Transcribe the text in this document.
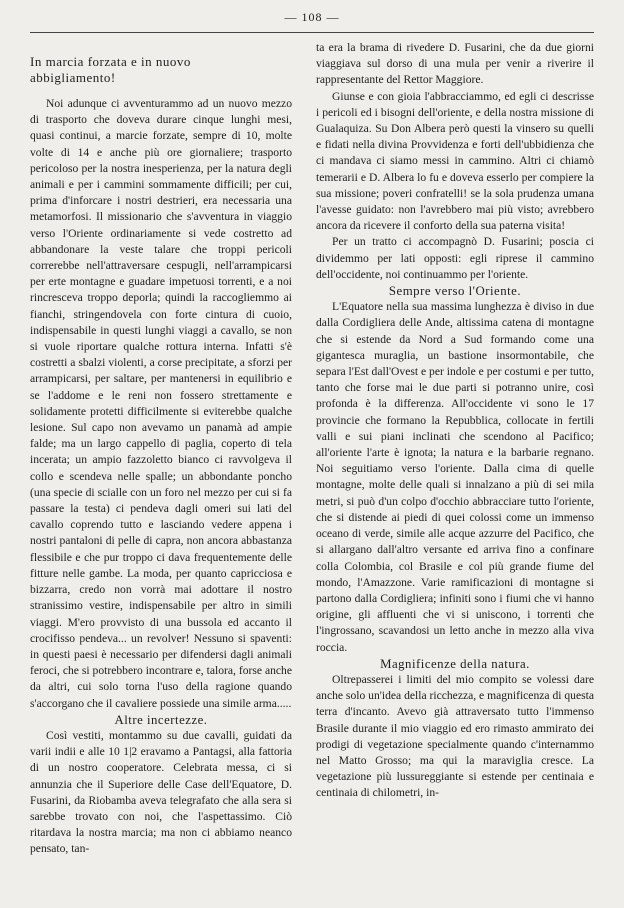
— 108 —
In marcia forzata e in nuovo abbigliamento!

Noi adunque ci avventurammo ad un nuovo mezzo di trasporto che doveva durare cinque lunghi mesi, quasi continui, a marcie forzate, sempre di 10, molte volte di 14 e anche più ore giornaliere; trasporto pericoloso per la nostra inesperienza, per la natura degli animali e per i cammini sommamente difficili; per cui, prima d'inforcare i nostri destrieri, era necessaria una metamorfosi. Il missionario che s'avventura in viaggio verso l'Oriente ordinariamente si vede costretto ad abbandonare la veste talare che troppi pericoli correrebbe nell'attraversare cespugli, nell'arrampicarsi per erte montagne e guadare impetuosi torrenti, e a noi rincresceva troppo deporla; quindi la raccogliemmo ai fianchi, stringendovela con forte cintura di cuoio, indispensabile in questi lunghi viaggi a cavallo, se non si vuole riportare qualche rottura interna. Infatti s'è costretti a sbalzi violenti, a corse precipitate, a sforzi per arrampicarsi, per saltare, per mantenersi in equilibrio e se l'addome e le reni non fossero strettamente e solidamente protetti difficilmente si eviterebbe qualche lesione. Sul capo non avevamo un panamà ad ampie falde; ma un largo cappello di paglia, coperto di tela incerata; un ampio fazzoletto bianco ci ravvolgeva il collo e scendeva nelle spalle; un abbondante poncho (una specie di scialle con un foro nel mezzo per cui si fa passare la testa) ci pendeva dagli omeri sui lati del cavallo coprendo tutto e lasciando vedere appena i nostri pantaloni di pelle di capra, non ancora abbastanza flessibile e che pur troppo ci dava frequentemente delle fitture nelle gambe. La moda, per quanto capricciosa e bizzarra, credo non vorrà mai adottare il nostro stranissimo vestire, indispensabile per altro in simili viaggi. M'ero provvisto di una bussola ed accanto il crocifisso pendeva... un revolver! Nessuno si spaventi: in questi paesi è necessario per difendersi dagli animali feroci, che si potrebbero incontrare e, talora, forse anche da altri, cui solo torna l'uso della ragione quando s'accorgano che il cavaliere possiede una simile arma.....

Altre incertezze.

Così vestiti, montammo su due cavalli, guidati da varii indii e alle 10 1|2 eravamo a Pantagsi, alla fattoria di un nostro cooperatore. Celebrata messa, ci si annunzia che il Superiore delle Case dell'Equatore, D. Fusarini, da Riobamba aveva telegrafato che alla sera si sarebbe trovato con noi, che l'aspettassimo. Ciò ritardava la nostra marcia; ma non ci abbiamo neanco pensato, tan-

ta era la brama di rivedere D. Fusarini, che da due giorni viaggiava sul dorso di una mula per venir a riverire il rappresentante del Rettor Maggiore.

Giunse e con gioia l'abbracciammo, ed egli ci descrisse i pericoli ed i bisogni dell'oriente, e della nostra missione di Gualaquiza. Su Don Albera però questi la vinsero su quelli e fidati nella divina Provvidenza e forti dell'ubbidienza che ci mandava ci siamo messi in cammino. Altri ci chiamò temerarii e D. Albera lo fu e doveva esserlo per compiere la sua missione; poveri confratelli! se la sola prudenza umana l'avesse guidato: non l'avrebbero mai più visto; avrebbero ancora da ricevere il conforto della sua paterna visita!

Per un tratto ci accompagnò D. Fusarini; poscia ci dividemmo per lati opposti: egli riprese il cammino dell'occidente, noi continuammo per l'oriente.

Sempre verso l'Oriente.

L'Equatore nella sua massima lunghezza è diviso in due dalla Cordigliera delle Ande, altissima catena di montagne che si estende da Nord a Sud formando come una gigantesca muraglia, un bastione insormontabile, che separa l'Est dall'Ovest e per indole e per costumi e per tutto, tanto che forse mai le due parti si potranno unire, così profonda è la differenza. All'occidente vi sono le 17 provincie che formano la Repubblica, collocate in fertili valli e sui piani inclinati che scendono al Pacifico; all'oriente l'arte è ignota; la natura e la barbarie regnano. Noi seguitiamo verso l'oriente. Dalla cima di quelle montagne, molte delle quali si innalzano a più di sei mila metri, si può d'un colpo d'occhio abbracciare tutto l'oriente, che si distende ai piedi di quei colossi come un immenso oceano di verde, simile alle acque azzurre del Pacifico, che si allargano dall'altro versante ed arriva fino a confinare colla Colombia, col Brasile e col più grande fiume del mondo, l'Amazzone. Varie ramificazioni di montagne si partono dalla Cordigliera; infiniti sono i fiumi che vi hanno origine, gli affluenti che vi si uniscono, i torrenti che l'ingrossano, scavandosi un letto anche in mezzo alla viva roccia.

Magnificenze della natura.

Oltrepasserei i limiti del mio compito se volessi dare anche solo un'idea della ricchezza, e magnificenza di questa terra d'incanto. Avevo già attraversato tutto l'immenso Brasile durante il mio viaggio ed ero rimasto ammirato dei prodigi di vegetazione specialmente quando c'internammo nel Matto Grosso; ma qui la maraviglia cresce. La vegetazione più lussureggiante si estende per centinaia e centinaia di chilometri, in-
